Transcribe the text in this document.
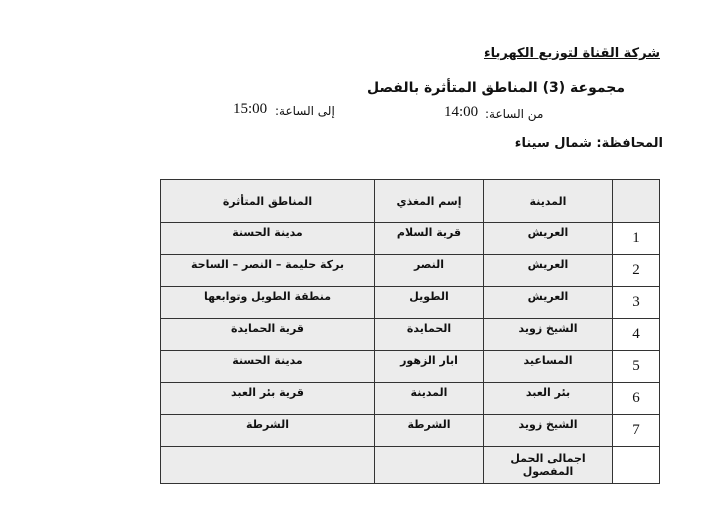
شركة القناة لتوزيع الكهرباء
مجموعة (3) المناطق المتأثرة بالفصل
إلى الساعة:
15:00	من الساعة:
14:00
المحافظة: شمال سيناء
	المدينة	إسم المغذي	المناطق المتأثرة
1	العريش	قرية السلام	مدينة الحسنة

2	العريش	النصر	بركة حليمة – النصر – الساحة

3	العريش	الطويل	منطقة الطويل وتوابعها

4	الشيخ زويد	الحمايدة	قرية الحمايدة

5	المساعيد	ابار الزهور	مدينة الحسنة

6	بئر العبد	المدينة	قرية بئر العبد

7	الشيخ زويد	الشرطة	الشرطة

	اجمالى الحمل المفصول		
